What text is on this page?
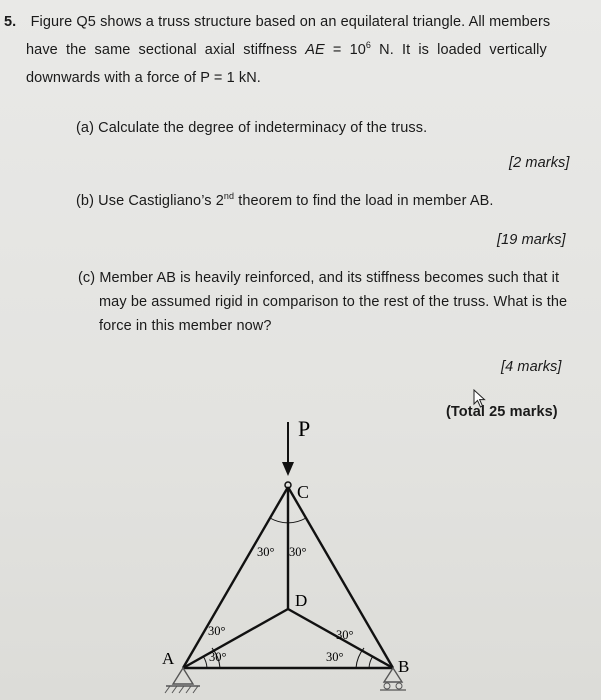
5. Figure Q5 shows a truss structure based on an equilateral triangle. All members
have the same sectional axial stiffness AE = $10^6$ N. It is loaded vertically
downwards with a force of P = 1 kN.
(a) Calculate the degree of indeterminacy of the truss.
[2 marks]
(b) Use Castigliano’s 2nd theorem to find the load in member AB.
[19 marks]
(c) Member AB is heavily reinforced, and its stiffness becomes such that it
may be assumed rigid in comparison to the rest of the truss. What is the
force in this member now?
[4 marks]
(Total 25 marks)
P
C
D
A	B
30° 30°
30°
30°
30°
30°
